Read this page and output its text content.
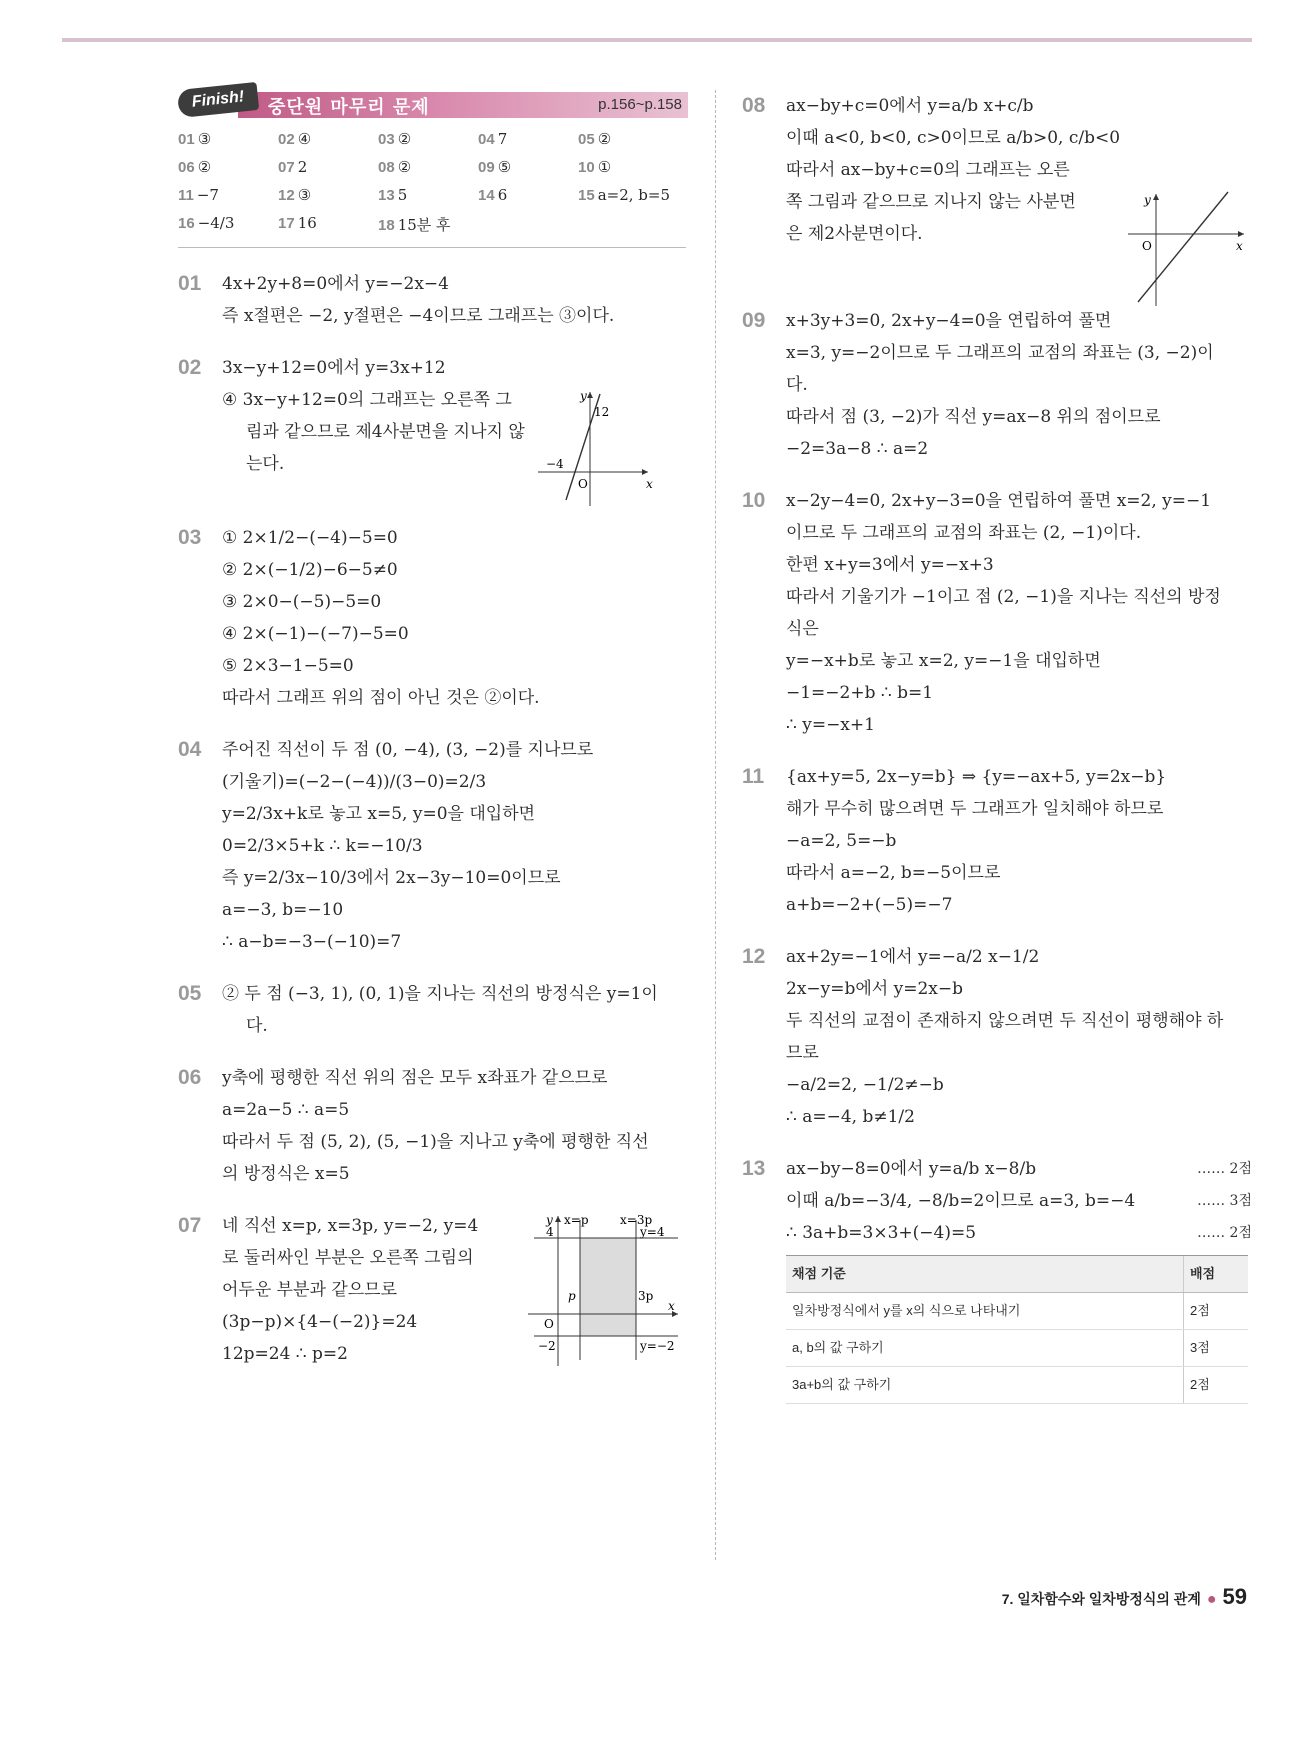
Finish!	중단원 마무리 문제	p.156~p.158
01 ③	02 ④	03 ②	04 7	05 ②
06 ②	07 2	08 ②	09 ⑤	10 ①
11 −7	12 ③	13 5	14 6	15 a=2, b=5
16 −4/3	17 16	18 15분 후
01 4x+2y+8=0에서 y=−2x−4
즉 x절편은 −2, y절편은 −4이므로 그래프는 ③이다.
02 3x−y+12=0에서 y=3x+12
④ 3x−y+12=0의 그래프는 오른쪽 그
림과 같으므로 제4사분면을 지나지 않
는다.
y
x
O
12
−4
03 ① 2×1/2−(−4)−5=0
② 2×(−1/2)−6−5≠0
③ 2×0−(−5)−5=0
④ 2×(−1)−(−7)−5=0
⑤ 2×3−1−5=0
따라서 그래프 위의 점이 아닌 것은 ②이다.
04 주어진 직선이 두 점 (0, −4), (3, −2)를 지나므로
(기울기)=(−2−(−4))/(3−0)=2/3
y=2/3x+k로 놓고 x=5, y=0을 대입하면
0=2/3×5+k ∴ k=−10/3
즉 y=2/3x−10/3에서 2x−3y−10=0이므로
a=−3, b=−10
∴ a−b=−3−(−10)=7
05 ② 두 점 (−3, 1), (0, 1)을 지나는 직선의 방정식은 y=1이
다.
06 y축에 평행한 직선 위의 점은 모두 x좌표가 같으므로
a=2a−5 ∴ a=5
따라서 두 점 (5, 2), (5, −1)을 지나고 y축에 평행한 직선
의 방정식은 x=5
07 네 직선 x=p, x=3p, y=−2, y=4
로 둘러싸인 부분은 오른쪽 그림의
어두운 부분과 같으므로
(3p−p)×{4−(−2)}=24
12p=24 ∴ p=2
y x=p	x=3p
4	y=4
p	3p
O
x
−2	y=−2
08 ax−by+c=0에서 y=a/b x+c/b
이때 a<0, b<0, c>0이므로 a/b>0, c/b<0
따라서 ax−by+c=0의 그래프는 오른
쪽 그림과 같으므로 지나지 않는 사분면
은 제2사분면이다.
y
x
O
09 x+3y+3=0, 2x+y−4=0을 연립하여 풀면
x=3, y=−2이므로 두 그래프의 교점의 좌표는 (3, −2)이
다.
따라서 점 (3, −2)가 직선 y=ax−8 위의 점이므로
−2=3a−8 ∴ a=2
10 x−2y−4=0, 2x+y−3=0을 연립하여 풀면 x=2, y=−1
이므로 두 그래프의 교점의 좌표는 (2, −1)이다.
한편 x+y=3에서 y=−x+3
따라서 기울기가 −1이고 점 (2, −1)을 지나는 직선의 방정
식은
y=−x+b로 놓고 x=2, y=−1을 대입하면
−1=−2+b ∴ b=1
∴ y=−x+1
11 {ax+y=5, 2x−y=b} ⇒ {y=−ax+5, y=2x−b}
해가 무수히 많으려면 두 그래프가 일치해야 하므로
−a=2, 5=−b
따라서 a=−2, b=−5이므로
a+b=−2+(−5)=−7
12 ax+2y=−1에서 y=−a/2 x−1/2
2x−y=b에서 y=2x−b
두 직선의 교점이 존재하지 않으려면 두 직선이 평행해야 하
므로
−a/2=2, −1/2≠−b
∴ a=−4, b≠1/2
13 ax−by−8=0에서 y=a/b x−8/b	…… 2점
이때 a/b=−3/4, −8/b=2이므로 a=3, b=−4	…… 3점
∴ 3a+b=3×3+(−4)=5	…… 2점
채점 기준	배점
일차방정식에서 y를 x의 식으로 나타내기	2점
a, b의 값 구하기	3점
3a+b의 값 구하기	2점
7. 일차함수와 일차방정식의 관계 ● 59
